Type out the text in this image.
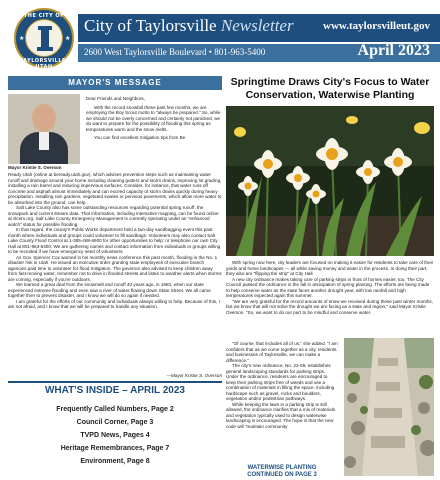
THE CITY OF
★	★
TAYLORSVILLE, UTAH
City of Taylorsville Newsletter	www.taylorsvilleut.gov
2600 West Taylorsville Boulevard • 801-963-5400	April 2023
MAYOR'S MESSAGE
Mayor Kristie S. Overson

Dear Friends and Neighbors,

With the record snowfall these past few months, we are employing the Boy Scout motto to "always be prepared." So, while we should not be overly concerned and certainly not panicked, we do want to prepare for the possibility of flooding this spring as temperatures warm and the snow melts.

You can find excellent mitigation tips from Be

Ready Utah (online at beready.utah.gov), which advises prevention steps such as maintaining water runoff and drainage around your home including cleaning gutters and storm drains, improving lot grading, installing a rain barrel and reducing impervious surfaces. Consider, for instance, that water runs off concrete and asphalt almost immediately and can exceed capacity of storm drains quickly during heavy precipitation. Installing rain gardens, vegetated swales or pervious pavements, which allow more water to be absorbed into the ground, can help.

Salt Lake County also has some outstanding resources regarding potential spring runoff, the snowpack and current stream data. That information, including interactive mapping, can be found online at slcem.org. Salt Lake County Emergency Management is currently operating under an "enhanced watch" status for possible flooding.

In that regard, the county's Public Works department held a two-day sandbagging event this past month where individuals and groups could volunteer to fill sandbags. Volunteers may also contact Salt Lake County Flood Control at 1-385-468-6600 for other opportunities to help; or telephone our own City Hall at 801-963-5400. We are gathering names and contact information from individuals or groups willing to be recruited if we have emergency need of volunteers.

As Gov. Spencer Cox warned in his monthly news conference this past month, flooding is the No. 1 disaster risk in Utah. He issued an executive order granting state employees of executive branch agencies paid time to volunteer for flood mitigation. The governor also advised to keep children away from fast-moving water, remember not to drive in flooded streets and listen to weather alerts when storms are coming, especially if you're outdoors.

We learned a great deal from the snowmelt and runoff 40 years ago, in 1983, when our state experienced extreme flooding and even saw a river of water flowing down State Street. We all came together then to prevent disaster, and I know we will do so again if needed.

I am grateful for the efforts of our community and individuals always willing to help. Because of this, I am not afraid, and I know that we will be prepared to handle any situation.

—Mayor Kristie S. Overson
WHAT'S INSIDE – APRIL 2023
Frequently Called Numbers, Page 2
Council Corner, Page 3
TVPD News, Pages 4
Heritage Remembrances, Page 7
Environment, Page 8
Springtime Draws City's Focus to Water Conservation, Waterwise Planting

With spring now here, city leaders are focused on making it easier for residents to take care of their yards and home landscapes — all while saving money and water in the process. In doing their part, they also are "flipping the strip" at City Hall.

A new city ordinance makes taking care of parking strips in front of homes easier, too. The City Council passed the ordinance in the fall in anticipation of spring planting. The efforts are being made to help conserve water as the state faces another drought year, with low rainfall and high temperatures expected again this summer.

"We are very grateful for the record amounts of snow we received during these past winter months, but we know that will not solve the drought we are facing as a state and region," said Mayor Kristie Overson. "So, we want to do our part to be mindful and conserve water.

"Of course, that includes all of us," she added. "I am confident that as we come together as a city, residents and businesses of Taylorsville, we can make a difference."

The city's new ordinance, No. 22-08, establishes general landscaping standards for parking strips. Under the ordinance, residents are encouraged to keep their parking strips free of weeds and use a combination of materials in filling the space, including hardscape such as gravel, rocks and boulders, vegetation and/or pedestrian pathways.

While keeping the lawn in a parking strip is still allowed, the ordinance clarifies that a mix of materials and vegetation typically used to design waterwise landscaping is encouraged. The hope is that the new code will "maintain community

WATERWISE PLANTING
CONTINUED ON PAGE 3
